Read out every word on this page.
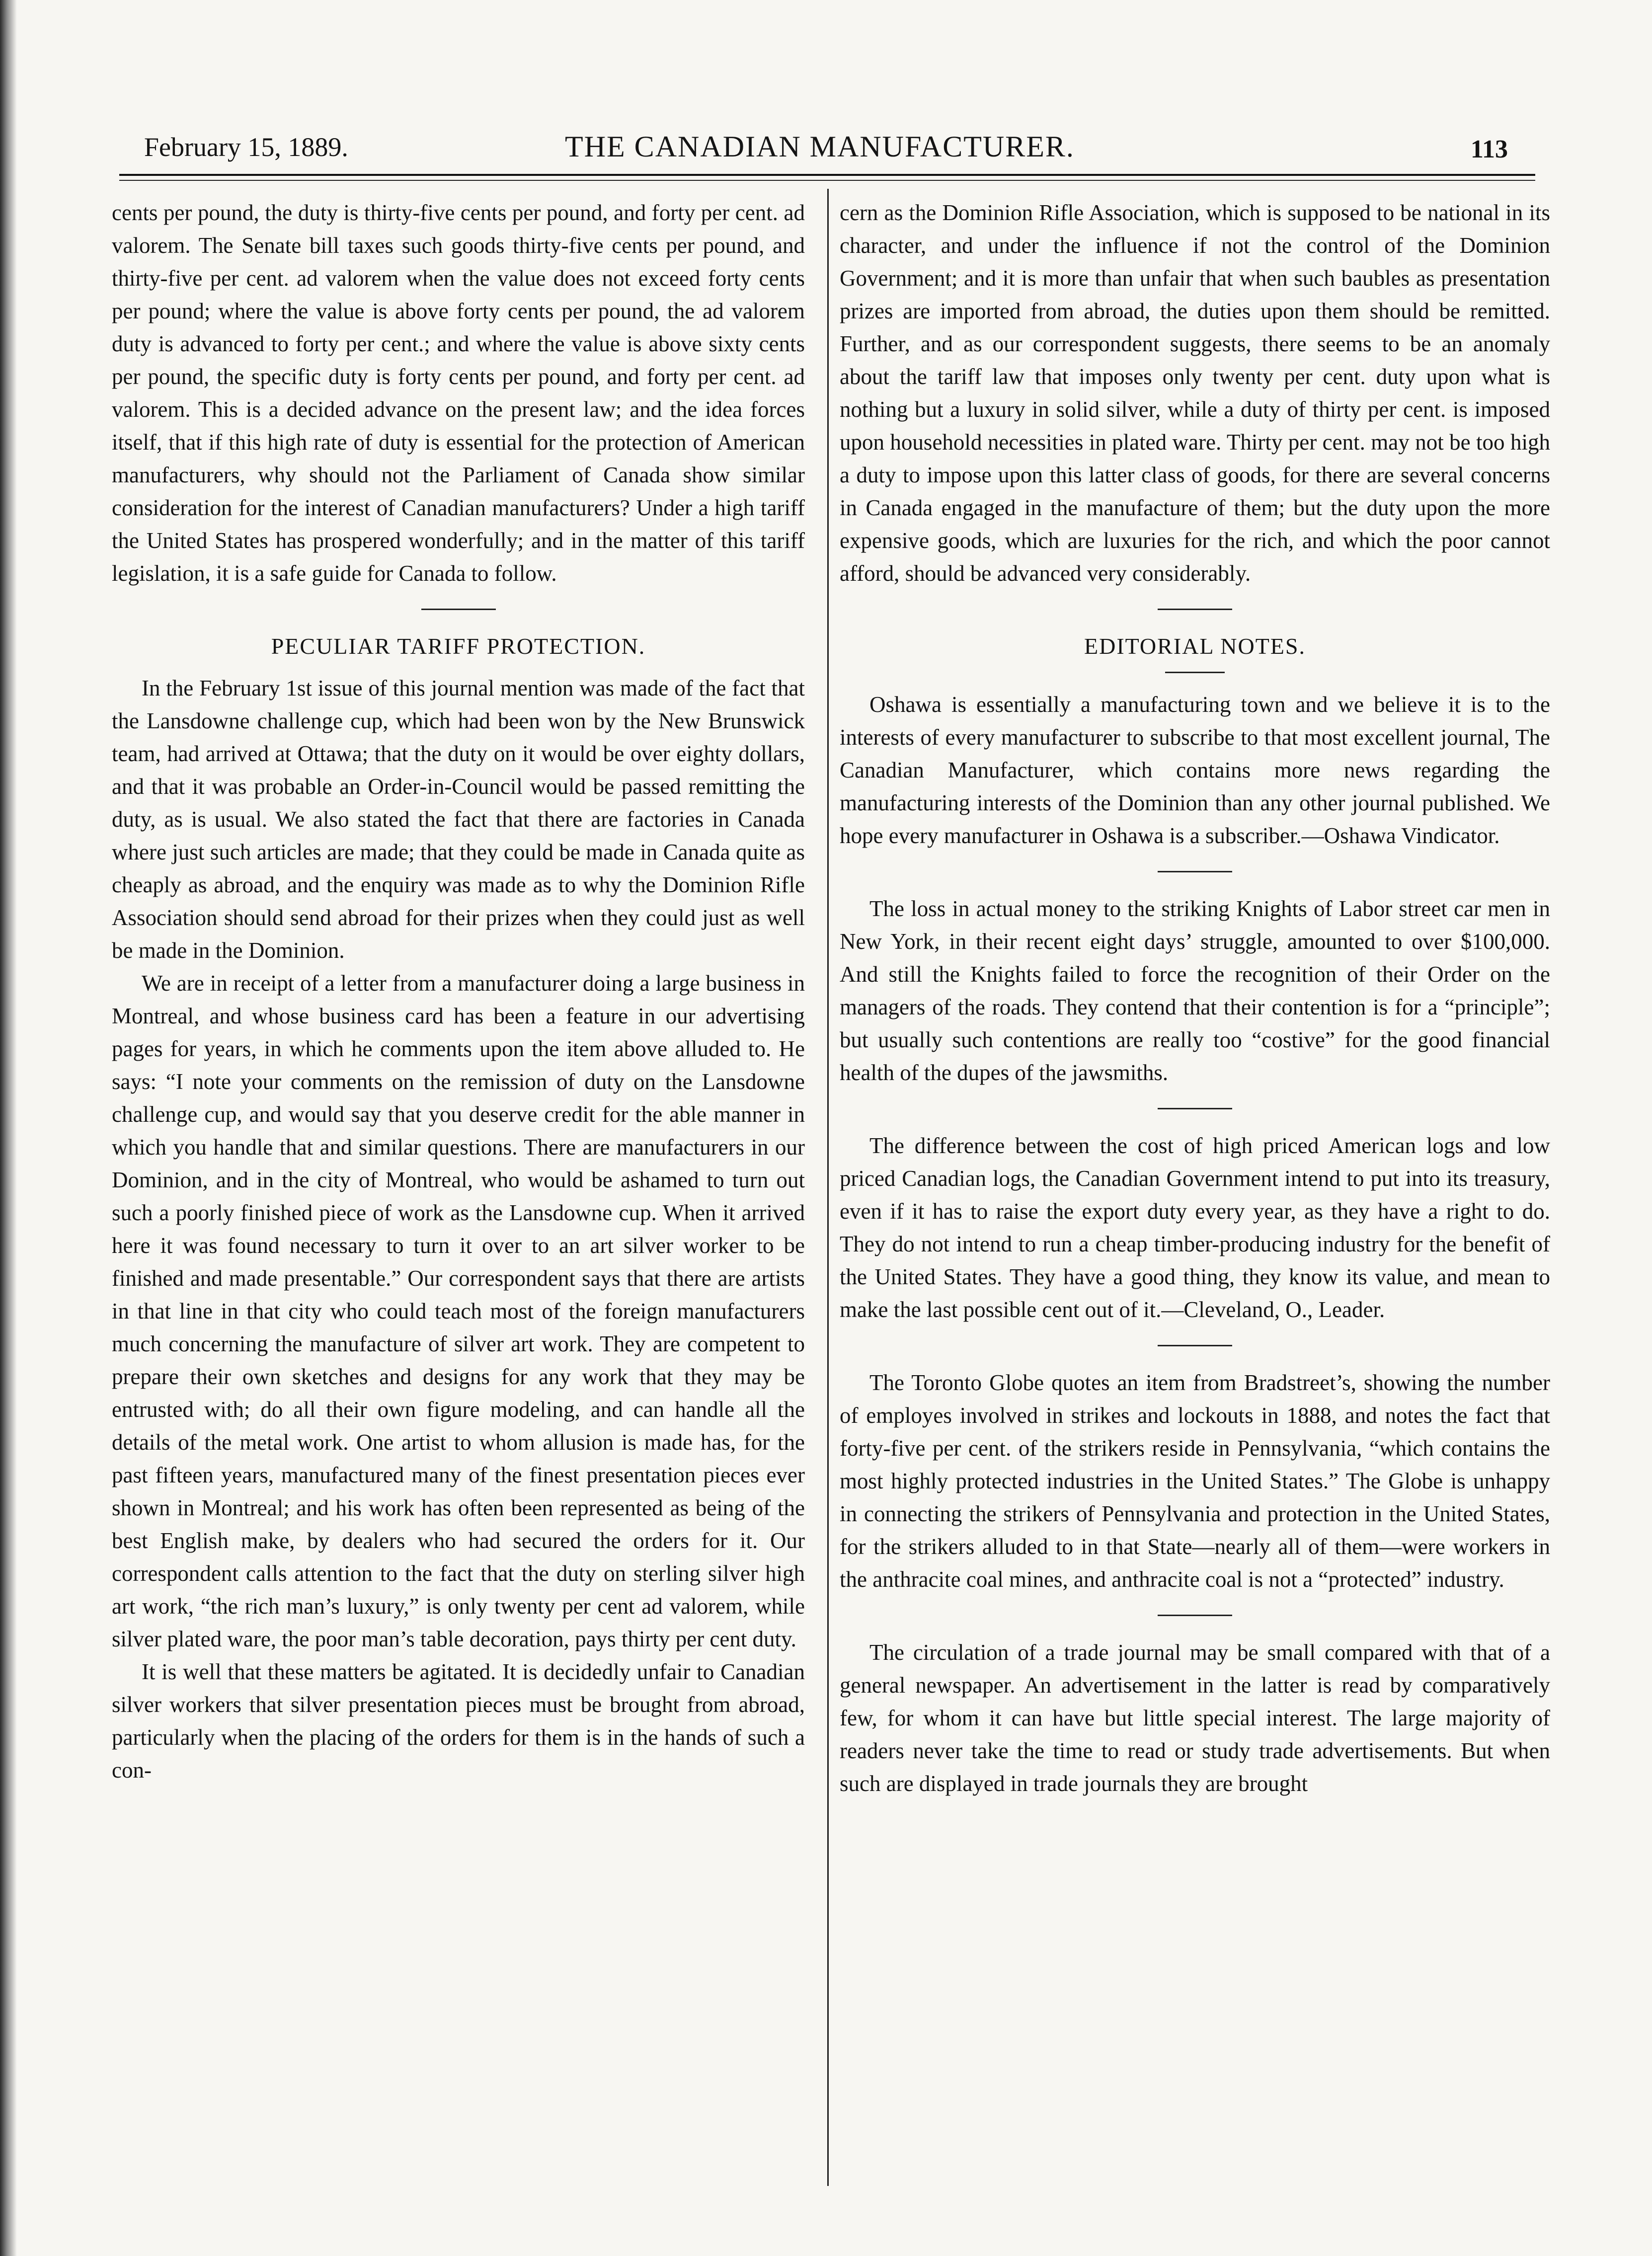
February 15, 1889.	THE CANADIAN MANUFACTURER.	113

cents per pound, the duty is thirty-five cents per pound, and forty per cent. ad valorem. The Senate bill taxes such goods thirty-five cents per pound, and thirty-five per cent. ad valorem when the value does not exceed forty cents per pound; where the value is above forty cents per pound, the ad valorem duty is advanced to forty per cent.; and where the value is above sixty cents per pound, the specific duty is forty cents per pound, and forty per cent. ad valorem. This is a decided advance on the present law; and the idea forces itself, that if this high rate of duty is essential for the protection of American manufacturers, why should not the Parliament of Canada show similar consideration for the interest of Canadian manufacturers? Under a high tariff the United States has prospered wonderfully; and in the matter of this tariff legislation, it is a safe guide for Canada to follow.

PECULIAR TARIFF PROTECTION.

In the February 1st issue of this journal mention was made of the fact that the Lansdowne challenge cup, which had been won by the New Brunswick team, had arrived at Ottawa; that the duty on it would be over eighty dollars, and that it was probable an Order-in-Council would be passed remitting the duty, as is usual. We also stated the fact that there are factories in Canada where just such articles are made; that they could be made in Canada quite as cheaply as abroad, and the enquiry was made as to why the Dominion Rifle Association should send abroad for their prizes when they could just as well be made in the Dominion.

We are in receipt of a letter from a manufacturer doing a large business in Montreal, and whose business card has been a feature in our advertising pages for years, in which he comments upon the item above alluded to. He says: “I note your comments on the remission of duty on the Lansdowne challenge cup, and would say that you deserve credit for the able manner in which you handle that and similar questions. There are manufacturers in our Dominion, and in the city of Montreal, who would be ashamed to turn out such a poorly finished piece of work as the Lansdowne cup. When it arrived here it was found necessary to turn it over to an art silver worker to be finished and made presentable.” Our correspondent says that there are artists in that line in that city who could teach most of the foreign manufacturers much concerning the manufacture of silver art work. They are competent to prepare their own sketches and designs for any work that they may be entrusted with; do all their own figure modeling, and can handle all the details of the metal work. One artist to whom allusion is made has, for the past fifteen years, manufactured many of the finest presentation pieces ever shown in Montreal; and his work has often been represented as being of the best English make, by dealers who had secured the orders for it. Our correspondent calls attention to the fact that the duty on sterling silver high art work, “the rich man’s luxury,” is only twenty per cent ad valorem, while silver plated ware, the poor man’s table decoration, pays thirty per cent duty.

It is well that these matters be agitated. It is decidedly unfair to Canadian silver workers that silver presentation pieces must be brought from abroad, particularly when the placing of the orders for them is in the hands of such a con-

cern as the Dominion Rifle Association, which is supposed to be national in its character, and under the influence if not the control of the Dominion Government; and it is more than unfair that when such baubles as presentation prizes are imported from abroad, the duties upon them should be remitted. Further, and as our correspondent suggests, there seems to be an anomaly about the tariff law that imposes only twenty per cent. duty upon what is nothing but a luxury in solid silver, while a duty of thirty per cent. is imposed upon household necessities in plated ware. Thirty per cent. may not be too high a duty to impose upon this latter class of goods, for there are several concerns in Canada engaged in the manufacture of them; but the duty upon the more expensive goods, which are luxuries for the rich, and which the poor cannot afford, should be advanced very considerably.

EDITORIAL NOTES.

Oshawa is essentially a manufacturing town and we believe it is to the interests of every manufacturer to subscribe to that most excellent journal, The Canadian Manufacturer, which contains more news regarding the manufacturing interests of the Dominion than any other journal published. We hope every manufacturer in Oshawa is a subscriber.—Oshawa Vindicator.

The loss in actual money to the striking Knights of Labor street car men in New York, in their recent eight days’ struggle, amounted to over $100,000. And still the Knights failed to force the recognition of their Order on the managers of the roads. They contend that their contention is for a “principle”; but usually such contentions are really too “costive” for the good financial health of the dupes of the jawsmiths.

The difference between the cost of high priced American logs and low priced Canadian logs, the Canadian Government intend to put into its treasury, even if it has to raise the export duty every year, as they have a right to do. They do not intend to run a cheap timber-producing industry for the benefit of the United States. They have a good thing, they know its value, and mean to make the last possible cent out of it.—Cleveland, O., Leader.

The Toronto Globe quotes an item from Bradstreet’s, showing the number of employes involved in strikes and lockouts in 1888, and notes the fact that forty-five per cent. of the strikers reside in Pennsylvania, “which contains the most highly protected industries in the United States.” The Globe is unhappy in connecting the strikers of Pennsylvania and protection in the United States, for the strikers alluded to in that State—nearly all of them—were workers in the anthracite coal mines, and anthracite coal is not a “protected” industry.

The circulation of a trade journal may be small compared with that of a general newspaper. An advertisement in the latter is read by comparatively few, for whom it can have but little special interest. The large majority of readers never take the time to read or study trade advertisements. But when such are displayed in trade journals they are brought
